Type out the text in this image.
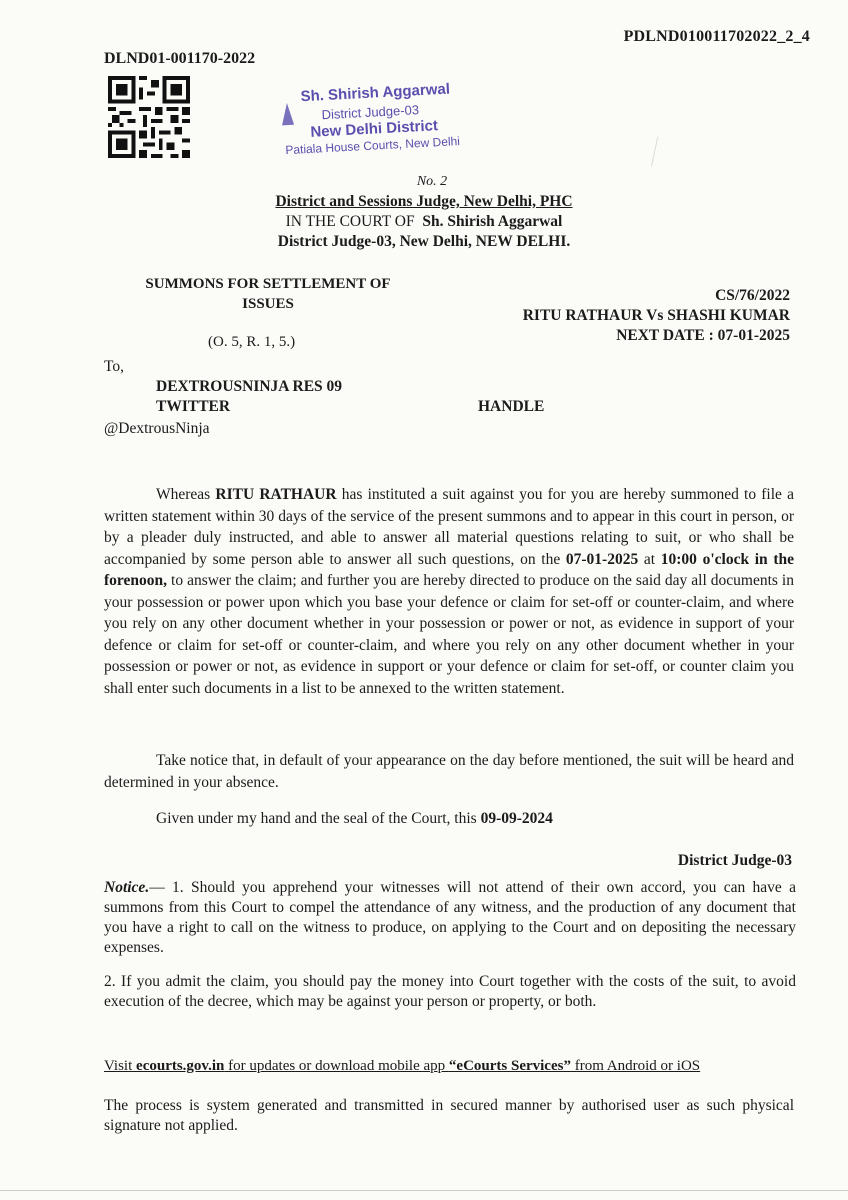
PDLND010011702022_2_4
DLND01-001170-2022
Sh. Shirish Aggarwal
District Judge-03
New Delhi District
Patiala House Courts, New Delhi
No. 2
District and Sessions Judge, New Delhi, PHC
IN THE COURT OF Sh. Shirish Aggarwal
District Judge-03, New Delhi, NEW DELHI.
SUMMONS FOR SETTLEMENT OF
ISSUES
(O. 5, R. 1, 5.)
CS/76/2022
RITU RATHAUR Vs SHASHI KUMAR
NEXT DATE : 07-01-2025
To,
DEXTROUSNINJA RES 09
TWITTER	HANDLE
@DextrousNinja

Whereas RITU RATHAUR has instituted a suit against you for you are hereby summoned to file a written statement within 30 days of the service of the present summons and to appear in this court in person, or by a pleader duly instructed, and able to answer all material questions relating to suit, or who shall be accompanied by some person able to answer all such questions, on the 07-01-2025 at 10:00 o'clock in the forenoon, to answer the claim; and further you are hereby directed to produce on the said day all documents in your possession or power upon which you base your defence or claim for set-off or counter-claim, and where you rely on any other document whether in your possession or power or not, as evidence in support of your defence or claim for set-off or counter-claim, and where you rely on any other document whether in your possession or power or not, as evidence in support or your defence or claim for set-off, or counter claim you shall enter such documents in a list to be annexed to the written statement.

Take notice that, in default of your appearance on the day before mentioned, the suit will be heard and determined in your absence.

Given under my hand and the seal of the Court, this 09-09-2024

District Judge-03
Notice.— 1. Should you apprehend your witnesses will not attend of their own accord, you can have a summons from this Court to compel the attendance of any witness, and the production of any document that you have a right to call on the witness to produce, on applying to the Court and on depositing the necessary expenses.
2. If you admit the claim, you should pay the money into Court together with the costs of the suit, to avoid execution of the decree, which may be against your person or property, or both.
Visit ecourts.gov.in for updates or download mobile app “eCourts Services” from Android or iOS
The process is system generated and transmitted in secured manner by authorised user as such physical signature not applied.
